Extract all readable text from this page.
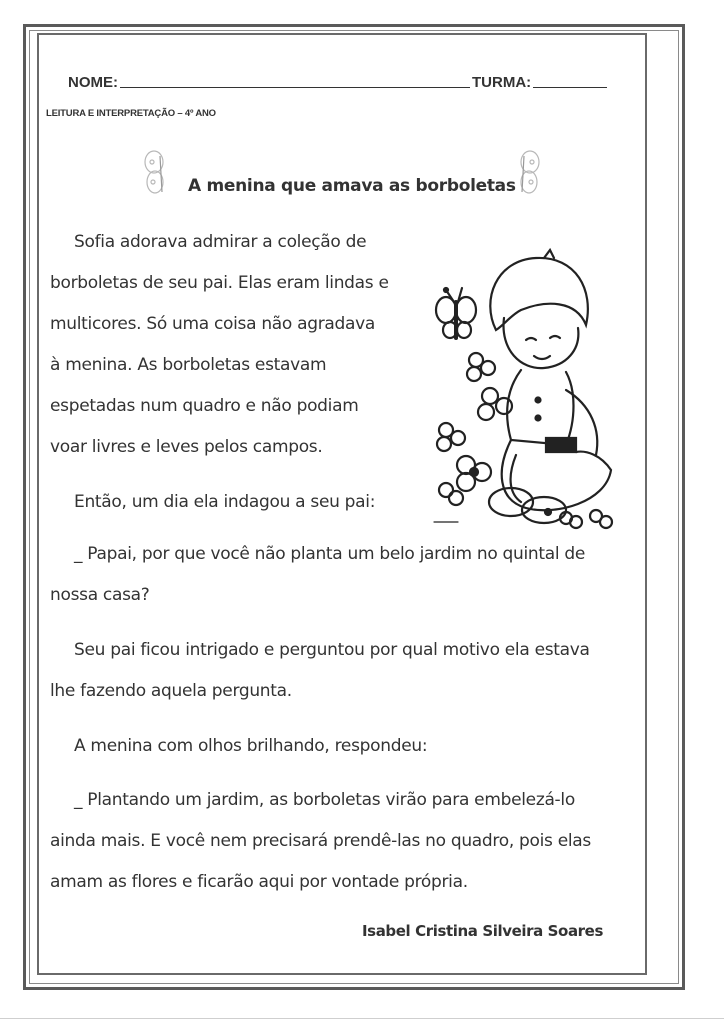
NOME:	TURMA:
LEITURA E INTERPRETAÇÃO – 4º ANO
A menina que amava as borboletas
Sofia adorava admirar a coleção de
borboletas de seu pai. Elas eram lindas e
multicores. Só uma coisa não agradava
à menina. As borboletas estavam
espetadas num quadro e não podiam
voar livres e leves pelos campos.
Então, um dia ela indagou a seu pai:
_ Papai, por que você não planta um belo jardim no quintal de
nossa casa?
Seu pai ficou intrigado e perguntou por qual motivo ela estava
lhe fazendo aquela pergunta.
A menina com olhos brilhando, respondeu:
_ Plantando um jardim, as borboletas virão para embelezá-lo
ainda mais. E você nem precisará prendê-las no quadro, pois elas
amam as flores e ficarão aqui por vontade própria.
Isabel Cristina Silveira Soares
